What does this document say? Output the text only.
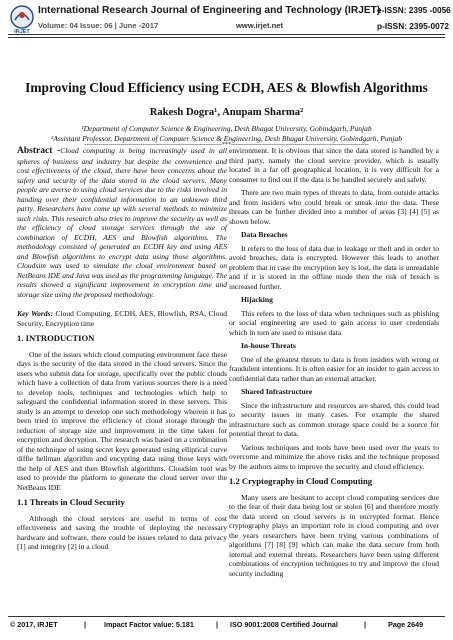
IRJET
International Research Journal of Engineering and Technology (IRJET)
e-ISSN: 2395 -0056
Volume: 04 Issue: 06 | June -2017	www.irjet.net	p-ISSN: 2395-0072
Improving Cloud Efficiency using ECDH, AES & Blowfish Algorithms
Rakesh Dogra¹, Anupam Sharma²
¹Department of Computer Science & Engineering, Desh Bhagat University, Gobindgarh, Punjab
²Assistant Professor, Department of Computer Science & Engineering, Desh Bhagat University, Gobindgarh, Punjab
---------------------------------------------------------------------***---------------------------------------------------------------------

Abstract -Cloud computing is being increasingly used in all spheres of business and industry but despite the convenience and cost effectiveness of the cloud, there have been concerns about the safety and security of the data stored in the cloud servers. Many people are averse to using cloud services due to the risks involved in handing over their confidential information to an unknown third party. Researchers have come up with several methods to minimize such risks. This research also tries to improve the security as well as the efficiency of cloud storage services through the use of combination of ECDH, AES and Blowfish algorithms. The methodology consisted of generated an ECDH key and using AES and Blowfish algorithms to encrypt data using those algorithms. Cloudsim was used to simulate the cloud environment based on NetBeans IDE and Java was used as the programming language. The results showed a significant improvement in encryption time and storage size using the proposed methodology.

Key Words: Cloud Computing, ECDH, AES, Blowfish, RSA, Cloud Security, Encryption time

1. INTRODUCTION

One of the issues which cloud computing environment face these days is the security of the data stored in the cloud servers. Since the users who submit data for storage, specifically over the public clouds which have a collection of data from various sources there is a need to develop tools, techniques and technologies which help to safeguard the confidential information stored in these servers. This study is an attempt to develop one such methodology wherein it has been tried to improve the efficiency of cloud storage through the reduction of storage size and improvement in the time taken for encryption and decryption. The research was based on a combination of the technique of using secret keys generated using elliptical curve diffie hellman algorithm and encypting data using those keys with the help of AES and then Blowfish algorithms. Cloudsim tool was used to provide the platform to generate the cloud server over the NetBeans IDE

1.1 Threats in Cloud Security

Although the cloud services are useful in terms of cost effectiveness and saving the trouble of deploying the necessary hardware and software, there could be issues related to data privacy [1] and integrity [2] in a cloud

environment. It is obvious that since the data stored is handled by a third party, namely the cloud service provider, which is usually located in a far off geographical location, it is very difficult for a consumer to find out if the data is be handled securely and safely.

There are two main types of threats to data, from outside attacks and from insiders who could break or sneak into the data. These threats can be further divided into a number of areas [3] [4] [5] as shown below.

Data Breaches

It refers to the loss of data due to leakage or theft and in order to avoid breaches, data is encrypted. However this leads to another problem that in case the encryption key is lost, the data is unreadable and if it is stored in the offline mode then the risk of breach is increased further.

Hijacking

This refers to the loss of data when techniques such as phishing or social engineering are used to gain access to user credentials which in turn are used to misuse data

In-house Threats

One of the greatest threats to data is from insiders with wrong or fraudulent intentions. It is often easier for an insider to gain access to confidential data rather than an external attacker.

Shared Infrastructure

Since the infrastructure and resources are shared, this could lead to security issues in many cases. For example the shared infrastructure such as common storage space could be a source for potential threat to data.

Various techniques and tools have been used over the years to overcome and minimize the above risks and the technique proposed by the authors aims to improve the security and cloud efficiency.

1.2 Cryptography in Cloud Computing

Many users are hesitant to accept cloud computing services due to the fear of their data being lost or stolen [6] and therefore mostly the data stored on cloud servers is in encrypted format. Hence cryptography plays an important role in cloud computing and over the years researchers have been trying various combinations of algorithms [7] [8] [9] which can make the data secure from both internal and external threats. Researchers have been using different combinations of encryption techniques to try and improve the cloud security including

© 2017, IRJET	| Impact Factor value: 5.181	| ISO 9001:2008 Certified Journal	|	Page 2649
